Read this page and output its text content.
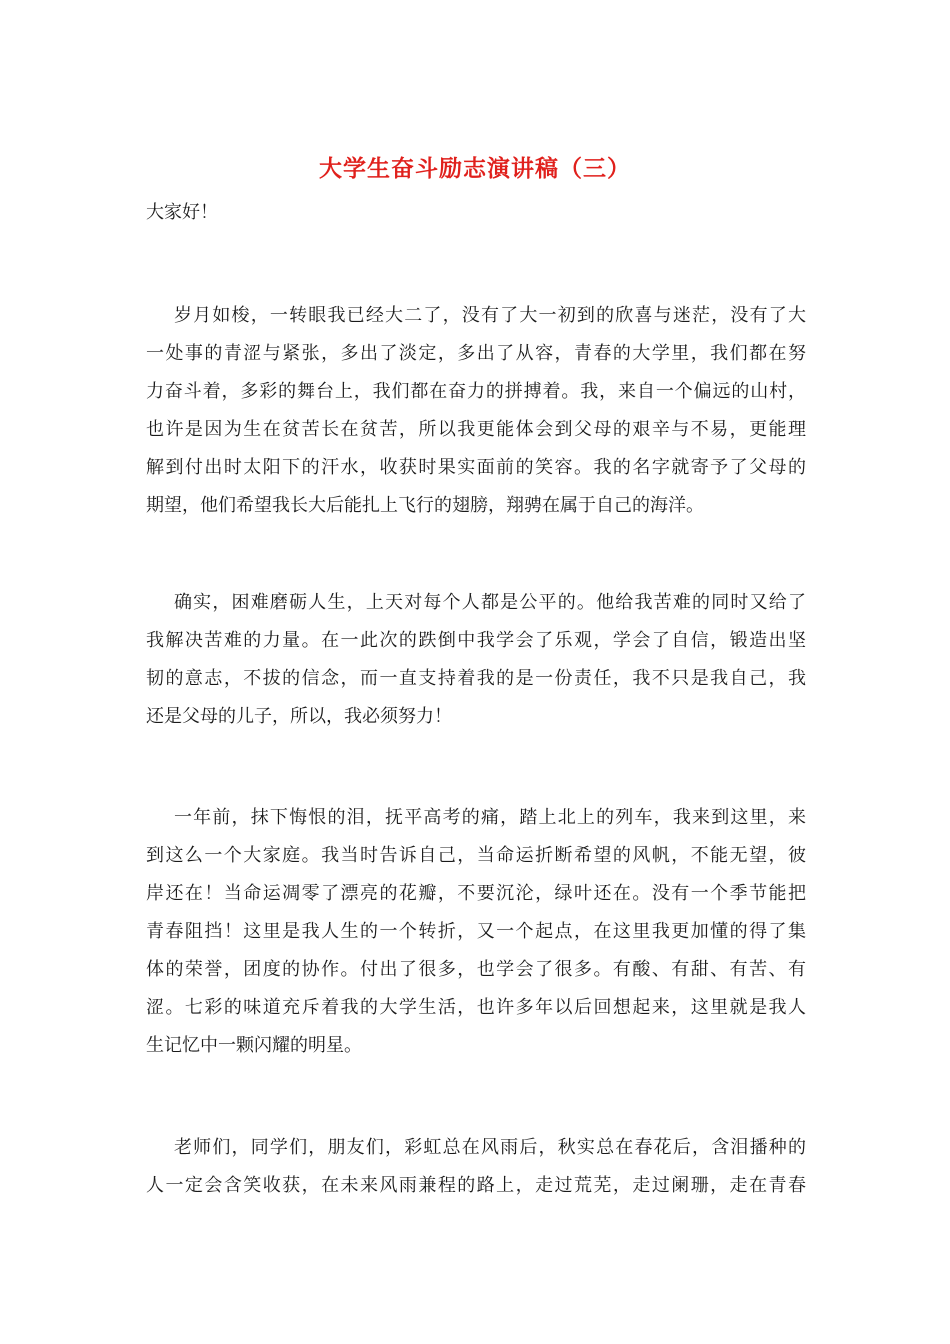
大学生奋斗励志演讲稿（三）
大家好！
岁月如梭，一转眼我已经大二了，没有了大一初到的欣喜与迷茫，没有了大
一处事的青涩与紧张，多出了淡定，多出了从容，青春的大学里，我们都在努
力奋斗着，多彩的舞台上，我们都在奋力的拼搏着。我，来自一个偏远的山村，
也许是因为生在贫苦长在贫苦，所以我更能体会到父母的艰辛与不易，更能理
解到付出时太阳下的汗水，收获时果实面前的笑容。我的名字就寄予了父母的
期望，他们希望我长大后能扎上飞行的翅膀，翔骋在属于自己的海洋。
确实，困难磨砺人生，上天对每个人都是公平的。他给我苦难的同时又给了
我解决苦难的力量。在一此次的跌倒中我学会了乐观，学会了自信，锻造出坚
韧的意志，不拔的信念，而一直支持着我的是一份责任，我不只是我自己，我
还是父母的儿子，所以，我必须努力！
一年前，抹下悔恨的泪，抚平高考的痛，踏上北上的列车，我来到这里，来
到这么一个大家庭。我当时告诉自己，当命运折断希望的风帆，不能无望，彼
岸还在！当命运凋零了漂亮的花瓣，不要沉沦，绿叶还在。没有一个季节能把
青春阻挡！这里是我人生的一个转折，又一个起点，在这里我更加懂的得了集
体的荣誉，团度的协作。付出了很多，也学会了很多。有酸、有甜、有苦、有
涩。七彩的味道充斥着我的大学生活，也许多年以后回想起来，这里就是我人
生记忆中一颗闪耀的明星。
老师们，同学们，朋友们，彩虹总在风雨后，秋实总在春花后，含泪播种的
人一定会含笑收获，在未来风雨兼程的路上，走过荒芜，走过阑珊，走在青春
